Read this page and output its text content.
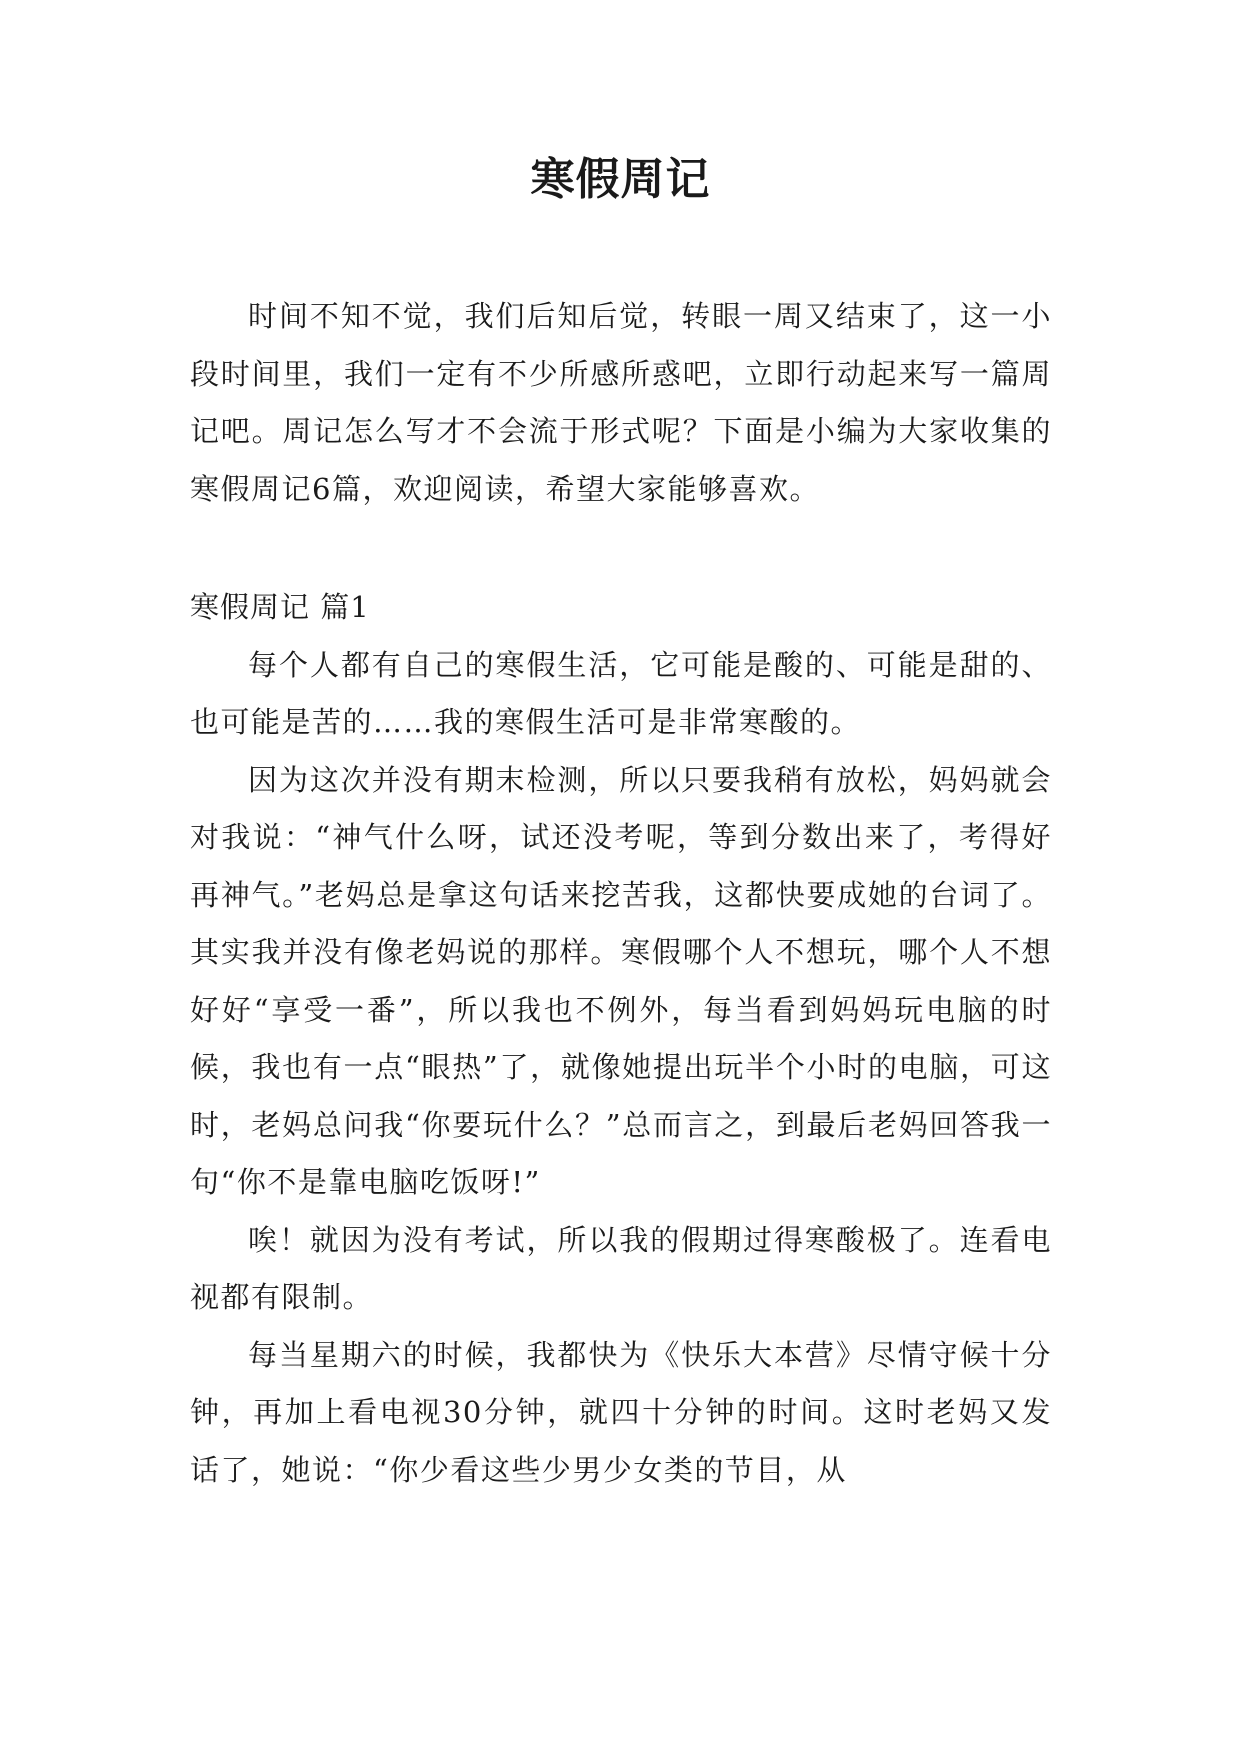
寒假周记

时间不知不觉，我们后知后觉，转眼一周又结束了，这一小段时间里，我们一定有不少所感所惑吧，立即行动起来写一篇周记吧。周记怎么写才不会流于形式呢？下面是小编为大家收集的寒假周记6篇，欢迎阅读，希望大家能够喜欢。

寒假周记 篇1

每个人都有自己的寒假生活，它可能是酸的、可能是甜的、也可能是苦的……我的寒假生活可是非常寒酸的。

因为这次并没有期末检测，所以只要我稍有放松，妈妈就会对我说：“神气什么呀，试还没考呢，等到分数出来了，考得好再神气。”老妈总是拿这句话来挖苦我，这都快要成她的台词了。其实我并没有像老妈说的那样。寒假哪个人不想玩，哪个人不想好好“享受一番”，所以我也不例外，每当看到妈妈玩电脑的时候，我也有一点“眼热”了，就像她提出玩半个小时的电脑，可这时，老妈总问我“你要玩什么？”总而言之，到最后老妈回答我一句“你不是靠电脑吃饭呀!”

唉！就因为没有考试，所以我的假期过得寒酸极了。连看电视都有限制。

每当星期六的时候，我都快为《快乐大本营》尽情守候十分钟，再加上看电视30分钟，就四十分钟的时间。这时老妈又发话了，她说：“你少看这些少男少女类的节目，从
